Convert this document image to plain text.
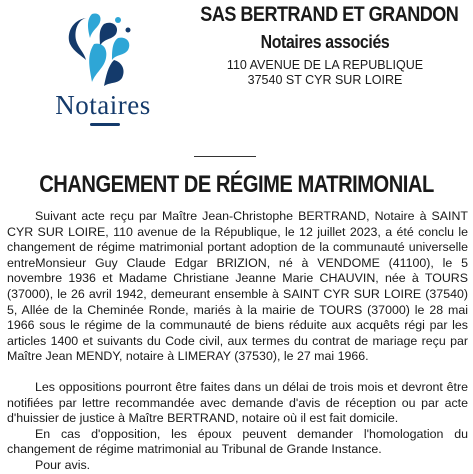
Notaires
SAS BERTRAND ET GRANDON
Notaires associés
110 AVENUE DE LA REPUBLIQUE
37540 ST CYR SUR LOIRE
CHANGEMENT DE RÉGIME MATRIMONIAL

Suivant acte reçu par Maître Jean-Christophe BERTRAND, Notaire à SAINT CYR SUR LOIRE, 110 avenue de la République, le 12 juillet 2023, a été conclu le changement de régime matrimonial portant adoption de la communauté universelle entreMonsieur Guy Claude Edgar BRIZION, né à VENDOME (41100), le 5 novembre 1936 et Madame Christiane Jeanne Marie CHAUVIN, née à TOURS (37000), le 26 avril 1942, demeurant ensemble à SAINT CYR SUR LOIRE (37540) 5, Allée de la Cheminée Ronde, mariés à la mairie de TOURS (37000) le 28 mai 1966 sous le régime de la communauté de biens réduite aux acquêts régi par les articles 1400 et suivants du Code civil, aux termes du contrat de mariage reçu par Maître Jean MENDY, notaire à LIMERAY (37530), le 27 mai 1966.

Les oppositions pourront être faites dans un délai de trois mois et devront être notifiées par lettre recommandée avec demande d'avis de réception ou par acte d'huissier de justice à Maître BERTRAND, notaire où il est fait domicile.

En cas d'opposition, les époux peuvent demander l'homologation du changement de régime matrimonial au Tribunal de Grande Instance.

Pour avis.
